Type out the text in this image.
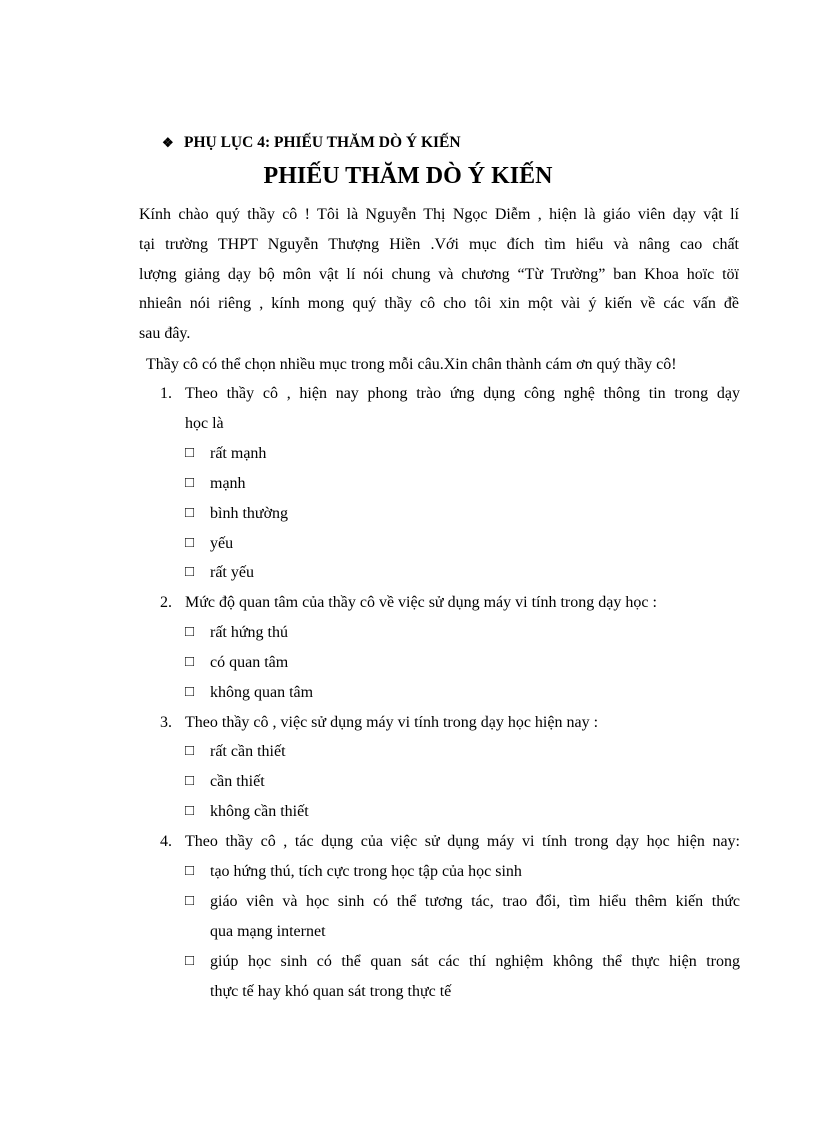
❖ PHỤ LỤC 4: PHIẾU THĂM DÒ Ý KIẾN
PHIẾU THĂM DÒ Ý KIẾN
Kính chào quý thầy cô ! Tôi là Nguyễn Thị Ngọc Diễm , hiện là giáo viên dạy vật lí
tại trường THPT Nguyễn Thượng Hiền .Với mục đích tìm hiểu và nâng cao chất
lượng giảng dạy bộ môn vật lí nói chung và chương “Từ Trường” ban Khoa hoïc töï
nhieân nói riêng , kính mong quý thầy cô cho tôi xin một vài ý kiến về các vấn đề
sau đây.
Thầy cô có thể chọn nhiều mục trong mỗi câu.Xin chân thành cám ơn quý thầy cô!
1. Theo thầy cô , hiện nay phong trào ứng dụng công nghệ thông tin trong dạy
học là
□ rất mạnh
□ mạnh
□ bình thường
□ yếu
□ rất yếu
2. Mức độ quan tâm của thầy cô về việc sử dụng máy vi tính trong dạy học :
□ rất hứng thú
□ có quan tâm
□ không quan tâm
3. Theo thầy cô , việc sử dụng máy vi tính trong dạy học hiện nay :
□ rất cần thiết
□ cần thiết
□ không cần thiết
4. Theo thầy cô , tác dụng của việc sử dụng máy vi tính trong dạy học hiện nay:
□ tạo hứng thú, tích cực trong học tập của học sinh
□ giáo viên và học sinh có thể tương tác, trao đổi, tìm hiểu thêm kiến thức
qua mạng internet
□ giúp học sinh có thể quan sát các thí nghiệm không thể thực hiện trong
thực tế hay khó quan sát trong thực tế
